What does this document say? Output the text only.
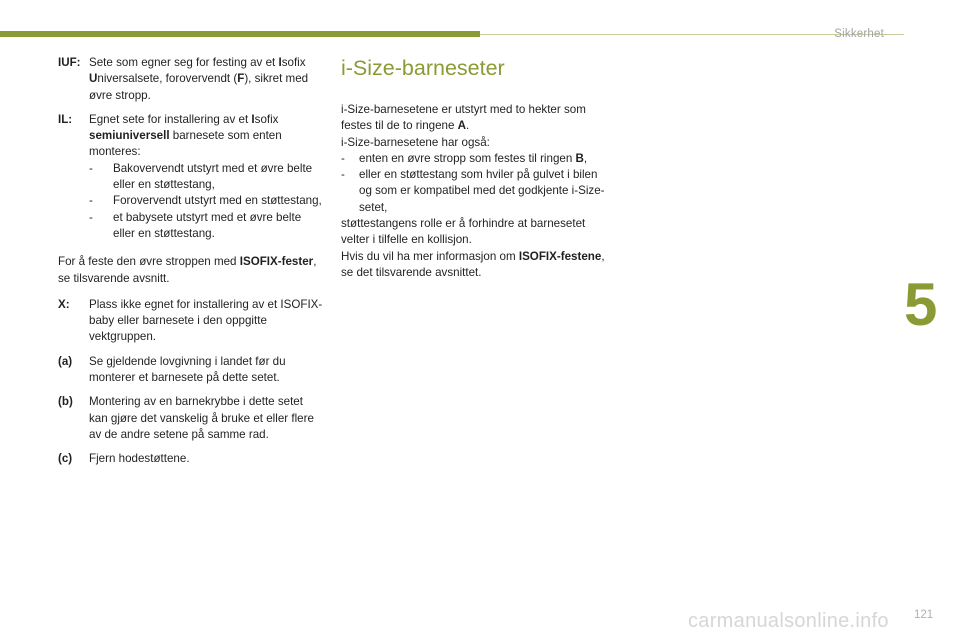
Sikkerhet
5
121
carmanualsonline.info
IUF: Sete som egner seg for festing av et Isofix Universalsete, forovervendt (F), sikret med øvre stropp.
IL:	Egnet sete for installering av et Isofix semiuniversell barnesete som enten monteres:
-	Bakovervendt utstyrt med et øvre belte eller en støttestang,
-	Forovervendt utstyrt med en støttestang,
-	et babysete utstyrt med et øvre belte eller en støttestang.
For å feste den øvre stroppen med ISOFIX-fester, se tilsvarende avsnitt.
X:	Plass ikke egnet for installering av et ISOFIX-baby eller barnesete i den oppgitte vektgruppen.
(a)	Se gjeldende lovgivning i landet før du monterer et barnesete på dette setet.
(b)	Montering av en barnekrybbe i dette setet kan gjøre det vanskelig å bruke et eller flere av de andre setene på samme rad.
(c)	Fjern hodestøttene.
i-Size-barneseter
i-Size-barnesetene er utstyrt med to hekter som festes til de to ringene A.
i-Size-barnesetene har også:
-	enten en øvre stropp som festes til ringen B,
-	eller en støttestang som hviler på gulvet i bilen og som er kompatibel med det godkjente i-Size-setet,
støttestangens rolle er å forhindre at barnesetet velter i tilfelle en kollisjon.
Hvis du vil ha mer informasjon om ISOFIX-festene, se det tilsvarende avsnittet.
